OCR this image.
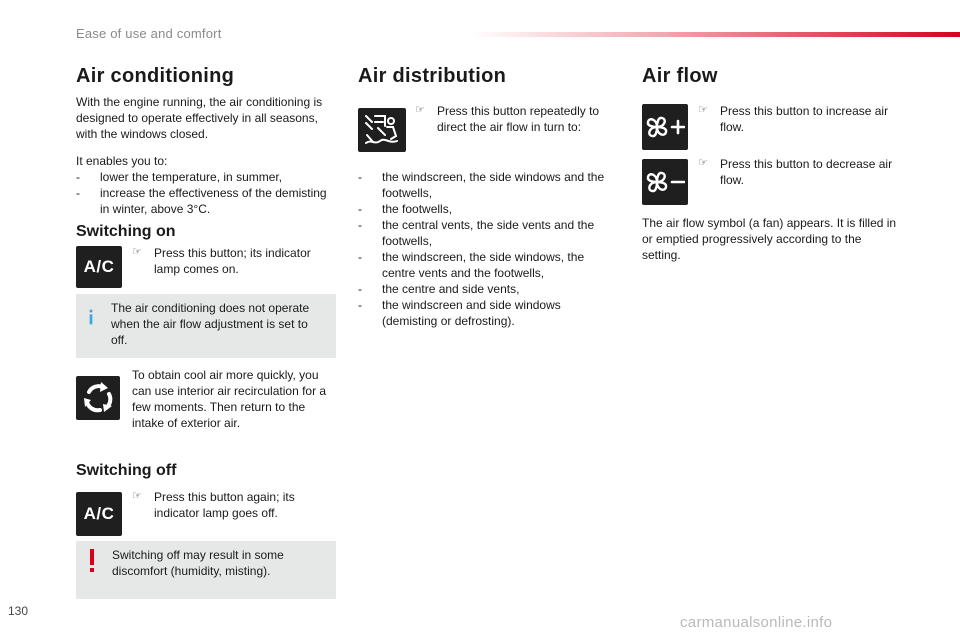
Ease of use and comfort
Air conditioning
With the engine running, the air conditioning is designed to operate effectively in all seasons, with the windows closed.
It enables you to:
-	lower the temperature, in summer,
-	increase the effectiveness of the demisting in winter, above 3°C.
Switching on
A/C
☞	Press this button; its indicator lamp comes on.
The air conditioning does not operate when the air flow adjustment is set to off.
To obtain cool air more quickly, you can use interior air recirculation for a few moments. Then return to the intake of exterior air.
Switching off
A/C
☞	Press this button again; its indicator lamp goes off.
Switching off may result in some discomfort (humidity, misting).
Air distribution
☞	Press this button repeatedly to direct the air flow in turn to:
-	the windscreen, the side windows and the footwells,
-	the footwells,
-	the central vents, the side vents and the footwells,
-	the windscreen, the side windows, the centre vents and the footwells,
-	the centre and side vents,
-	the windscreen and side windows (demisting or defrosting).
Air flow
☞	Press this button to increase air flow.
☞	Press this button to decrease air flow.
The air flow symbol (a fan) appears. It is filled in or emptied progressively according to the setting.
130
carmanualsonline.info
